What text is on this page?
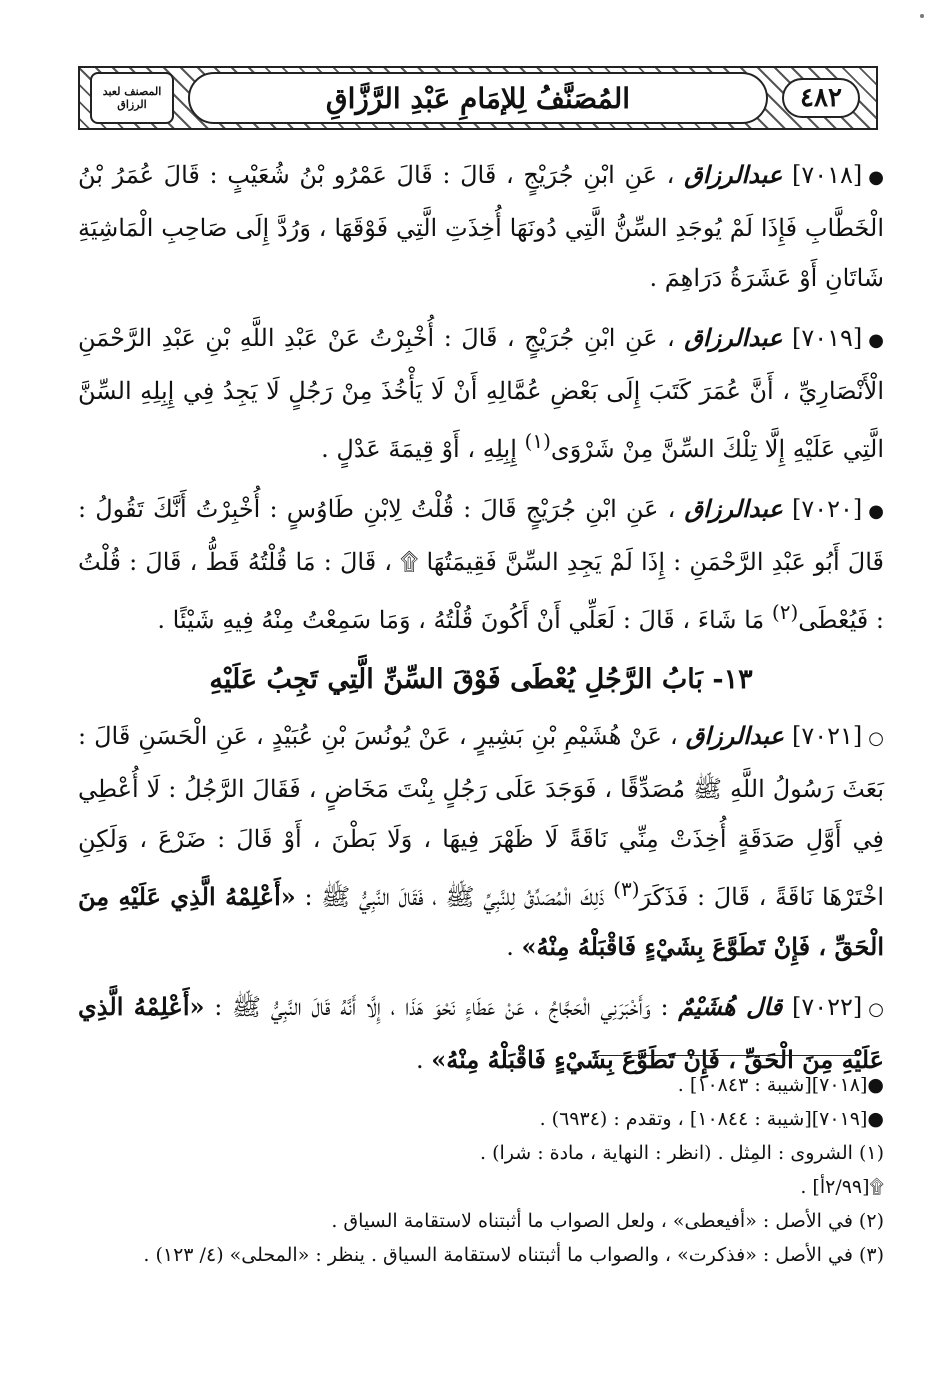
المصنف لعبد الرزاق	المُصَنَّفُ لِلإمَامِ عَبْدِ الرَّزَّاقِ	٤٨٢

●[٧٠١٨] عبدالرزاق ، عَنِ ابْنِ جُرَيْجٍ ، قَالَ : قَالَ عَمْرُو بْنُ شُعَيْبٍ : قَالَ عُمَرُ بْنُ الْخَطَّابِ فَإِذَا لَمْ يُوجَدِ السِّنُّ الَّتِي دُونَهَا أُخِذَتِ الَّتِي فَوْقَهَا ، وَرُدَّ إِلَى صَاحِبِ الْمَاشِيَةِ شَاتَانِ أَوْ عَشَرَةُ دَرَاهِمَ .

●[٧٠١٩] عبدالرزاق ، عَنِ ابْنِ جُرَيْجٍ ، قَالَ : أُخْبِرْتُ عَنْ عَبْدِ اللَّهِ بْنِ عَبْدِ الرَّحْمَنِ الْأَنْصَارِيِّ ، أَنَّ عُمَرَ كَتَبَ إِلَى بَعْضِ عُمَّالِهِ أَنْ لَا يَأْخُذَ مِنْ رَجُلٍ لَا يَجِدُ فِي إِبِلِهِ السِّنَّ الَّتِي عَلَيْهِ إِلَّا تِلْكَ السِّنَّ مِنْ شَرْوَى$^{(١)}$ إِبِلِهِ ، أَوْ قِيمَةَ عَدْلٍ .

●[٧٠٢٠] عبدالرزاق ، عَنِ ابْنِ جُرَيْجٍ قَالَ : قُلْتُ لِابْنِ طَاوُسٍ : أُخْبِرْتُ أَنَّكَ تَقُولُ : قَالَ أَبُو عَبْدِ الرَّحْمَنِ : إِذَا لَمْ يَجِدِ السِّنَّ فَقِيمَتُهَا ۩ ، قَالَ : مَا قُلْتُهُ قَطُّ ، قَالَ : قُلْتُ : فَيُعْطَى$^{(٢)}$ مَا شَاءَ ، قَالَ : لَعَلِّي أَنْ أَكُونَ قُلْتُهُ ، وَمَا سَمِعْتُ مِنْهُ فِيهِ شَيْئًا .

١٣- بَابُ الرَّجُلِ يُعْطَى فَوْقَ السِّنِّ الَّتِي تَجِبُ عَلَيْهِ

○[٧٠٢١] عبدالرزاق ، عَنْ هُشَيْمِ بْنِ بَشِيرٍ ، عَنْ يُونُسَ بْنِ عُبَيْدٍ ، عَنِ الْحَسَنِ قَالَ : بَعَثَ رَسُولُ اللَّهِ ﷺ مُصَدِّقًا ، فَوَجَدَ عَلَى رَجُلٍ بِنْتَ مَخَاضٍ ، فَقَالَ الرَّجُلُ : لَا أُعْطِي فِي أَوَّلِ صَدَقَةٍ أُخِذَتْ مِنِّي نَاقَةً لَا ظَهْرَ فِيهَا ، وَلَا بَطْنَ ، أَوْ قَالَ : ضَرْعَ ، وَلَكِنِ اخْتَرْهَا نَاقَةً ، قَالَ : فَذَكَرَ$^{(٣)}$ ذَلِكَ الْمُصَدِّقُ لِلنَّبِيِّ ﷺ ، فَقَالَ النَّبِيُّ ﷺ : «أَعْلِمْهُ الَّذِي عَلَيْهِ مِنَ الْحَقِّ ، فَإِنْ تَطَوَّعَ بِشَيْءٍ فَاقْبَلْهُ مِنْهُ» .

○[٧٠٢٢] قال هُشَيْمٌ : وَأَخْبَرَنِي الْحَجَّاجُ ، عَنْ عَطَاءٍ نَحْوَ هَذَا ، إِلَّا أَنَّهُ قَالَ النَّبِيُّ ﷺ : «أَعْلِمْهُ الَّذِي عَلَيْهِ مِنَ الْحَقِّ ، فَإِنْ تَطَوَّعَ بِشَيْءٍ فَاقْبَلْهُ مِنْهُ» .

●[٧٠١٨][شيبة : ١٠٨٤٣] .
●[٧٠١٩][شيبة : ١٠٨٤٤] ، وتقدم : (٦٩٣٤) .
(١) الشروى : المِثل . (انظر : النهاية ، مادة : شرا) .
۩[٢/٩٩أ] .
(٢) في الأصل : «أفيعطى» ، ولعل الصواب ما أثبتناه لاستقامة السياق .
(٣) في الأصل : «فذكرت» ، والصواب ما أثبتناه لاستقامة السياق . ينظر : «المحلى» (٤/ ١٢٣) .
